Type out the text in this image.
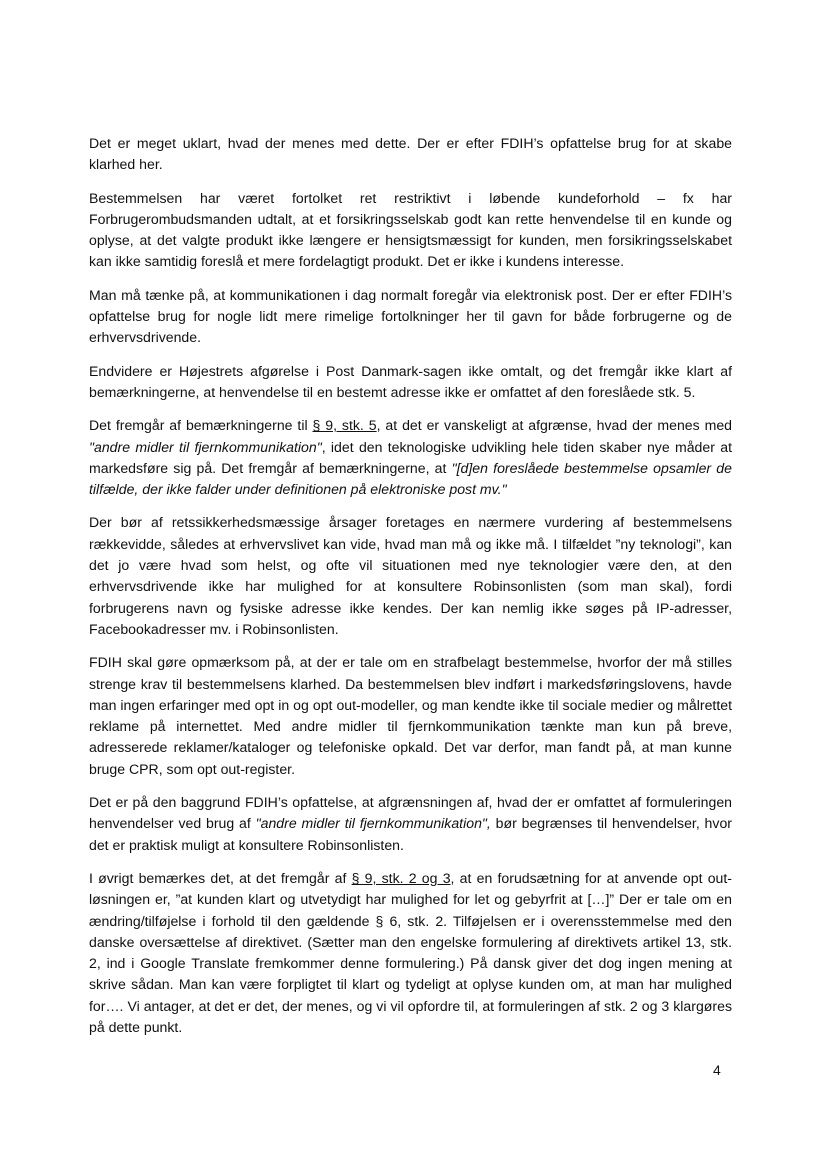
Det er meget uklart, hvad der menes med dette. Der er efter FDIH’s opfattelse brug for at skabe klarhed her.

Bestemmelsen har været fortolket ret restriktivt i løbende kundeforhold – fx har Forbrugerombudsmanden udtalt, at et forsikringsselskab godt kan rette henvendelse til en kunde og oplyse, at det valgte produkt ikke længere er hensigtsmæssigt for kunden, men forsikringsselskabet kan ikke samtidig foreslå et mere fordelagtigt produkt. Det er ikke i kundens interesse.

Man må tænke på, at kommunikationen i dag normalt foregår via elektronisk post. Der er efter FDIH’s opfattelse brug for nogle lidt mere rimelige fortolkninger her til gavn for både forbrugerne og de erhvervsdrivende.

Endvidere er Højestrets afgørelse i Post Danmark-sagen ikke omtalt, og det fremgår ikke klart af bemærkningerne, at henvendelse til en bestemt adresse ikke er omfattet af den foreslåede stk. 5.

Det fremgår af bemærkningerne til § 9, stk. 5, at det er vanskeligt at afgrænse, hvad der menes med "andre midler til fjernkommunikation", idet den teknologiske udvikling hele tiden skaber nye måder at markedsføre sig på. Det fremgår af bemærkningerne, at "[d]en foreslåede bestemmelse opsamler de tilfælde, der ikke falder under definitionen på elektroniske post mv."

Der bør af retssikkerhedsmæssige årsager foretages en nærmere vurdering af bestemmelsens rækkevidde, således at erhvervslivet kan vide, hvad man må og ikke må. I tilfældet ”ny teknologi”, kan det jo være hvad som helst, og ofte vil situationen med nye teknologier være den, at den erhvervsdrivende ikke har mulighed for at konsultere Robinsonlisten (som man skal), fordi forbrugerens navn og fysiske adresse ikke kendes. Der kan nemlig ikke søges på IP-adresser, Facebookadresser mv. i Robinsonlisten.

FDIH skal gøre opmærksom på, at der er tale om en strafbelagt bestemmelse, hvorfor der må stilles strenge krav til bestemmelsens klarhed. Da bestemmelsen blev indført i markedsføringslovens, havde man ingen erfaringer med opt in og opt out-modeller, og man kendte ikke til sociale medier og målrettet reklame på internettet. Med andre midler til fjernkommunikation tænkte man kun på breve, adresserede reklamer/kataloger og telefoniske opkald. Det var derfor, man fandt på, at man kunne bruge CPR, som opt out-register.

Det er på den baggrund FDIH’s opfattelse, at afgrænsningen af, hvad der er omfattet af formuleringen henvendelser ved brug af "andre midler til fjernkommunikation", bør begrænses til henvendelser, hvor det er praktisk muligt at konsultere Robinsonlisten.

I øvrigt bemærkes det, at det fremgår af § 9, stk. 2 og 3, at en forudsætning for at anvende opt out-løsningen er, ”at kunden klart og utvetydigt har mulighed for let og gebyrfrit at […]” Der er tale om en ændring/tilføjelse i forhold til den gældende § 6, stk. 2. Tilføjelsen er i overensstemmelse med den danske oversættelse af direktivet. (Sætter man den engelske formulering af direktivets artikel 13, stk. 2, ind i Google Translate fremkommer denne formulering.) På dansk giver det dog ingen mening at skrive sådan. Man kan være forpligtet til klart og tydeligt at oplyse kunden om, at man har mulighed for…. Vi antager, at det er det, der menes, og vi vil opfordre til, at formuleringen af stk. 2 og 3 klargøres på dette punkt.

4
